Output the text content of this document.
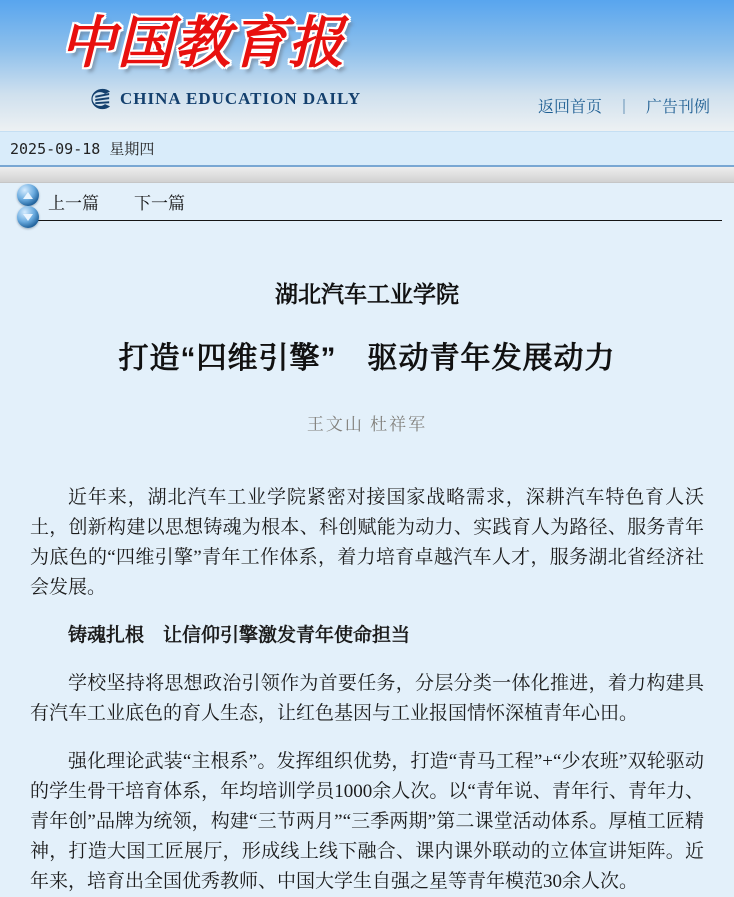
中国教育报
CHINA EDUCATION DAILY	返回首页 ｜ 广告刊例
2025-09-18 星期四
上一篇 下一篇
湖北汽车工业学院
打造“四维引擎”　驱动青年发展动力
王文山 杜祥军

近年来，湖北汽车工业学院紧密对接国家战略需求，深耕汽车特色育人沃土，创新构建以思想铸魂为根本、科创赋能为动力、实践育人为路径、服务青年为底色的“四维引擎”青年工作体系，着力培育卓越汽车人才，服务湖北省经济社会发展。

铸魂扎根　让信仰引擎激发青年使命担当

学校坚持将思想政治引领作为首要任务，分层分类一体化推进，着力构建具有汽车工业底色的育人生态，让红色基因与工业报国情怀深植青年心田。

强化理论武装“主根系”。发挥组织优势，打造“青马工程”+“少农班”双轮驱动的学生骨干培育体系，年均培训学员1000余人次。以“青年说、青年行、青年力、青年创”品牌为统领，构建“三节两月”“三季两期”第二课堂活动体系。厚植工匠精神，打造大国工匠展厅，形成线上线下融合、课内课外联动的立体宣讲矩阵。近年来，培育出全国优秀教师、中国大学生自强之星等青年模范30余人次。
